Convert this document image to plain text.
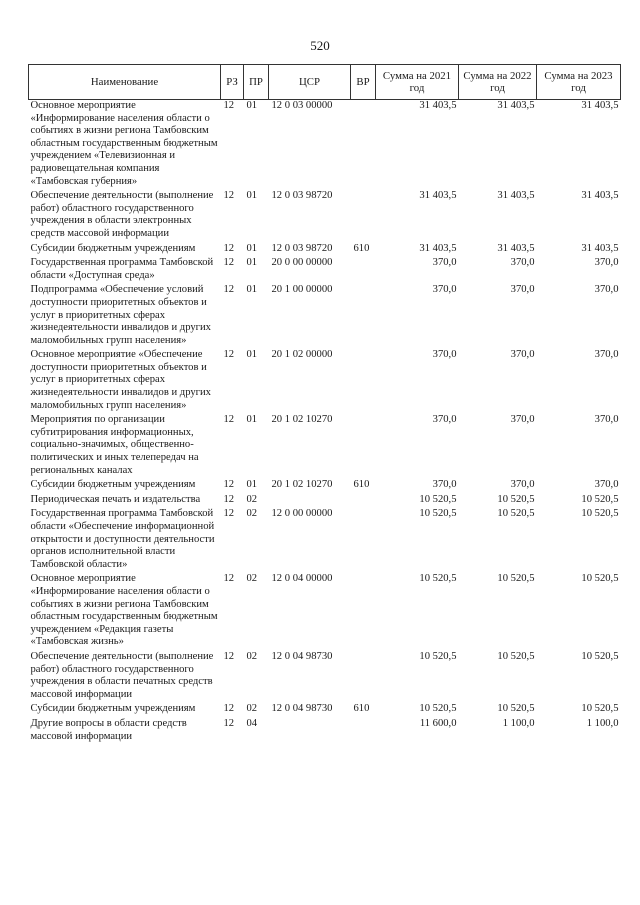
520
Наименование	РЗ	ПР	ЦСР	ВР	Сумма на 2021 год	Сумма на 2022 год	Сумма на 2023 год
Основное мероприятие «Информирование населения области о событиях в жизни региона Тамбовским областным государственным бюджетным учреждением «Телевизионная и радиовещательная компания «Тамбовская губерния»	12	01	12 0 03 00000		31 403,5	31 403,5	31 403,5
Обеспечение деятельности (выполнение работ) областного государственного учреждения в области электронных средств массовой информации	12	01	12 0 03 98720		31 403,5	31 403,5	31 403,5
Субсидии бюджетным учреждениям	12	01	12 0 03 98720	610	31 403,5	31 403,5	31 403,5
Государственная программа Тамбовской области «Доступная среда»	12	01	20 0 00 00000		370,0	370,0	370,0
Подпрограмма «Обеспечение условий доступности приоритетных объектов и услуг в приоритетных сферах жизнедеятельности инвалидов и других маломобильных групп населения»	12	01	20 1 00 00000		370,0	370,0	370,0
Основное мероприятие «Обеспечение доступности приоритетных объектов и услуг в приоритетных сферах жизнедеятельности инвалидов и других маломобильных групп населения»	12	01	20 1 02 00000		370,0	370,0	370,0
Мероприятия по организации субтитрирования информационных, социально-значимых, общественно-политических и иных телепередач на региональных каналах	12	01	20 1 02 10270		370,0	370,0	370,0
Субсидии бюджетным учреждениям	12	01	20 1 02 10270	610	370,0	370,0	370,0
Периодическая печать и издательства	12	02			10 520,5	10 520,5	10 520,5
Государственная программа Тамбовской области «Обеспечение информационной открытости и доступности деятельности органов исполнительной власти Тамбовской области»	12	02	12 0 00 00000		10 520,5	10 520,5	10 520,5
Основное мероприятие «Информирование населения области о событиях в жизни региона Тамбовским областным государственным бюджетным учреждением «Редакция газеты «Тамбовская жизнь»	12	02	12 0 04 00000		10 520,5	10 520,5	10 520,5
Обеспечение деятельности (выполнение работ) областного государственного учреждения в области печатных средств массовой информации	12	02	12 0 04 98730		10 520,5	10 520,5	10 520,5
Субсидии бюджетным учреждениям	12	02	12 0 04 98730	610	10 520,5	10 520,5	10 520,5
Другие вопросы в области средств массовой информации	12	04			11 600,0	1 100,0	1 100,0
